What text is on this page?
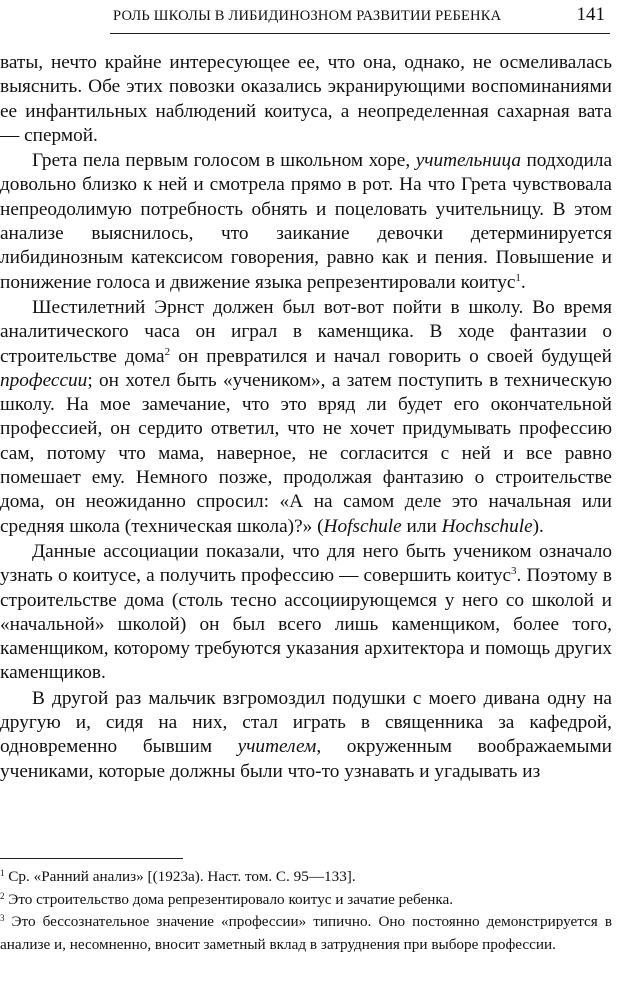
РОЛЬ ШКОЛЫ В ЛИБИДИНОЗНОМ РАЗВИТИИ РЕБЕНКА	141

ваты, нечто крайне интересующее ее, что она, однако, не осмеливалась выяснить. Обе этих повозки оказались экранирующими воспоминаниями ее инфантильных наблюдений коитуса, а неопределенная сахарная вата — спермой.

Грета пела первым голосом в школьном хоре, учительница подходила довольно близко к ней и смотрела прямо в рот. На что Грета чувствовала непреодолимую потребность обнять и поцеловать учительницу. В этом анализе выяснилось, что заикание девочки детерминируется либидинозным катексисом говорения, равно как и пения. Повышение и понижение голоса и движение языка репрезентировали коитус$^1$.

Шестилетний Эрнст должен был вот-вот пойти в школу. Во время аналитического часа он играл в каменщика. В ходе фантазии о строительстве дома$^2$ он превратился и начал говорить о своей будущей профессии; он хотел быть «учеником», а затем поступить в техническую школу. На мое замечание, что это вряд ли будет его окончательной профессией, он сердито ответил, что не хочет придумывать профессию сам, потому что мама, наверное, не согласится с ней и все равно помешает ему. Немного позже, продолжая фантазию о строительстве дома, он неожиданно спросил: «А на самом деле это начальная или средняя школа (техническая школа)?» (Hofschule или Hochschule).

Данные ассоциации показали, что для него быть учеником означало узнать о коитусе, а получить профессию — совершить коитус$^3$. Поэтому в строительстве дома (столь тесно ассоциирующемся у него со школой и «начальной» школой) он был всего лишь каменщиком, более того, каменщиком, которому требуются указания архитектора и помощь других каменщиков.

В другой раз мальчик взгромоздил подушки с моего дивана одну на другую и, сидя на них, стал играть в священника за кафедрой, одновременно бывшим учителем, окруженным воображаемыми учениками, которые должны были что-то узнавать и угадывать из

$^1$ Ср. «Ранний анализ» [(1923a). Наст. том. С. 95—133].

$^2$ Это строительство дома репрезентировало коитус и зачатие ребенка.

$^3$ Это бессознательное значение «профессии» типично. Оно постоянно демонстрируется в анализе и, несомненно, вносит заметный вклад в затруднения при выборе профессии.
